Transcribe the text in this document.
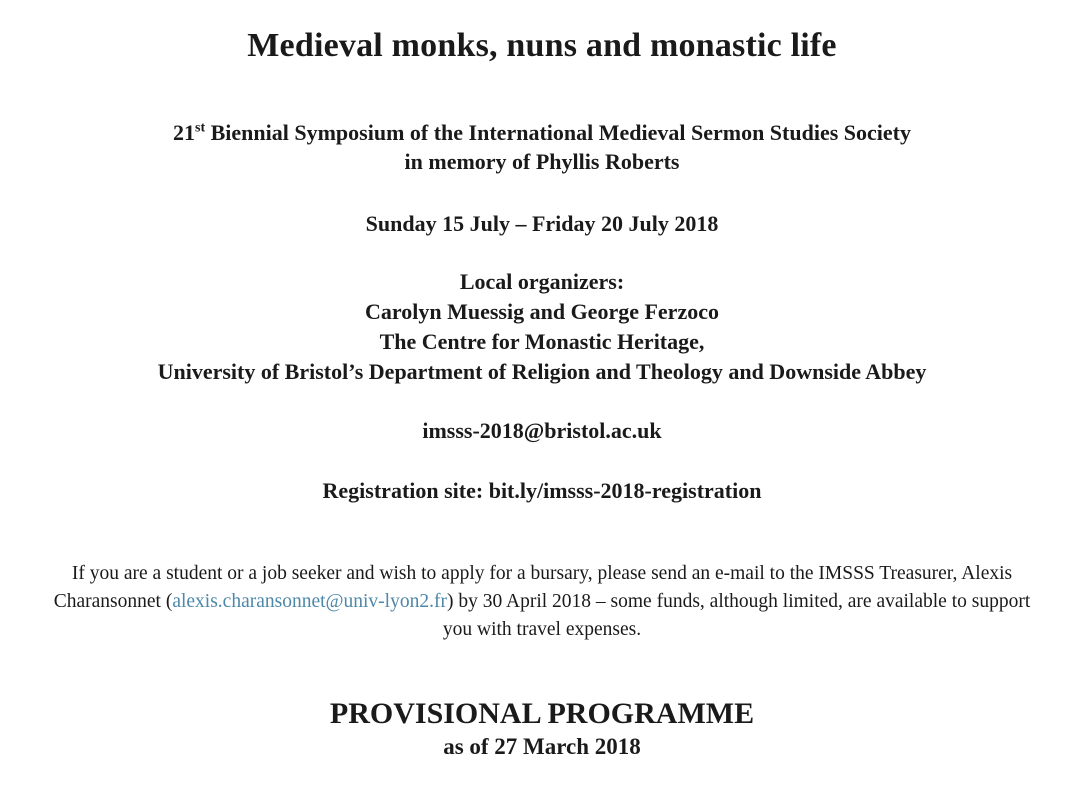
Medieval monks, nuns and monastic life
21st Biennial Symposium of the International Medieval Sermon Studies Society
in memory of Phyllis Roberts
Sunday 15 July – Friday 20 July 2018
Local organizers:
Carolyn Muessig and George Ferzoco
The Centre for Monastic Heritage,
University of Bristol’s Department of Religion and Theology and Downside Abbey
imsss-2018@bristol.ac.uk
Registration site: bit.ly/imsss-2018-registration

If you are a student or a job seeker and wish to apply for a bursary, please send an e-mail to the IMSSS Treasurer, Alexis Charansonnet (alexis.charansonnet@univ-lyon2.fr) by 30 April 2018 – some funds, although limited, are available to support you with travel expenses.

PROVISIONAL PROGRAMME
as of 27 March 2018
